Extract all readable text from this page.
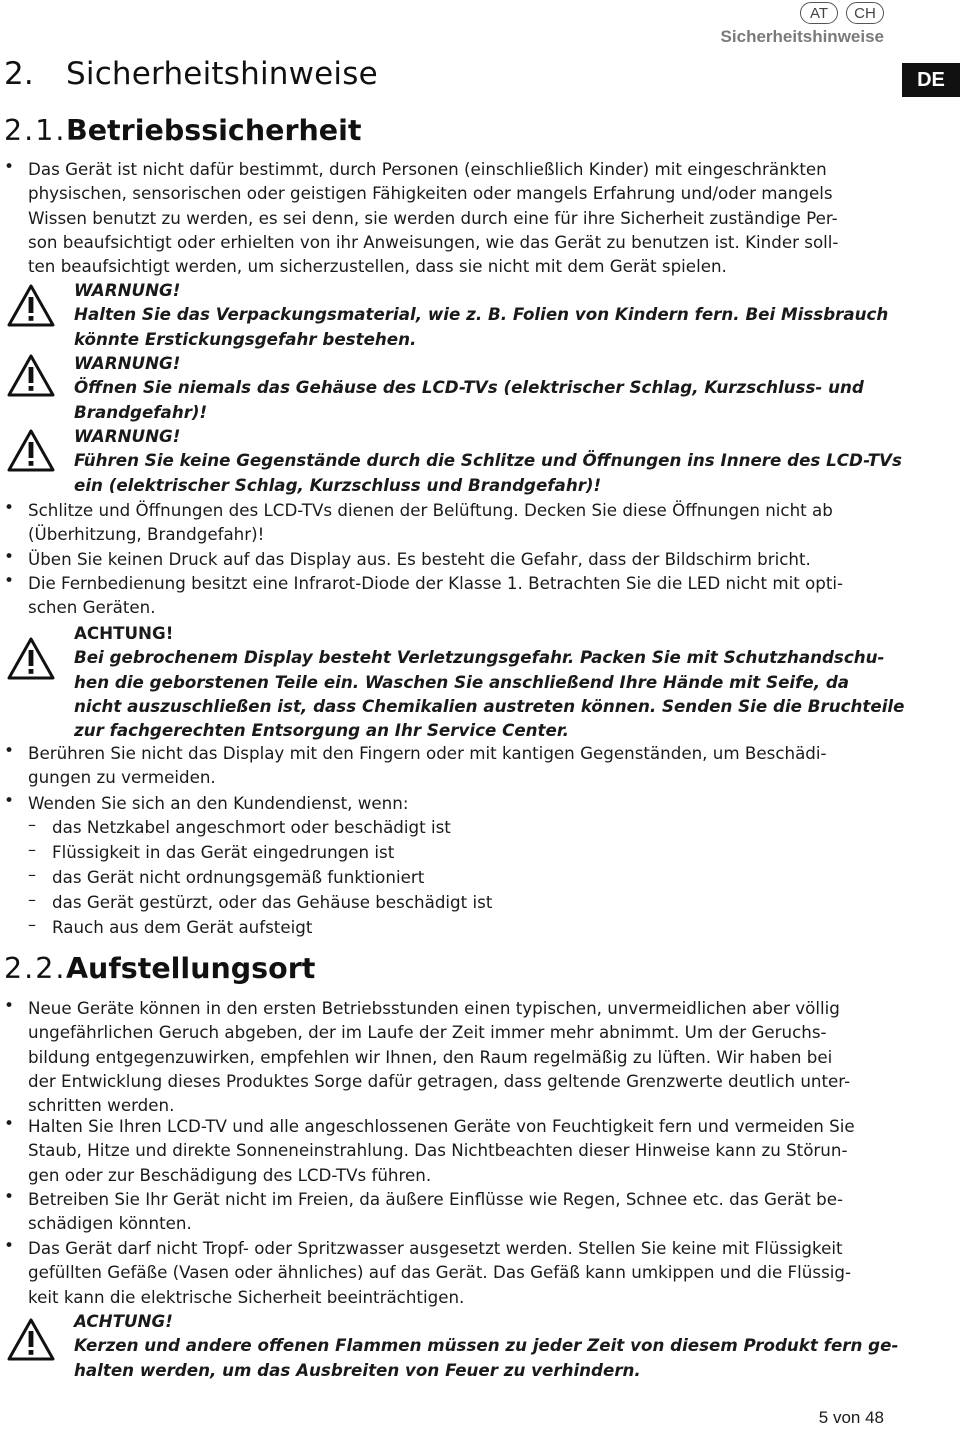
AT	CH
Sicherheitshinweise
DE
2. Sicherheitshinweise
2.1.Betriebssicherheit
• Das Gerät ist nicht dafür bestimmt, durch Personen (einschließlich Kinder) mit eingeschränkten
physischen, sensorischen oder geistigen Fähigkeiten oder mangels Erfahrung und/oder mangels
Wissen benutzt zu werden, es sei denn, sie werden durch eine für ihre Sicherheit zuständige Per-
son beaufsichtigt oder erhielten von ihr Anweisungen, wie das Gerät zu benutzen ist. Kinder soll-
ten beaufsichtigt werden, um sicherzustellen, dass sie nicht mit dem Gerät spielen.
WARNUNG!
Halten Sie das Verpackungsmaterial, wie z. B. Folien von Kindern fern. Bei Missbrauch
könnte Erstickungsgefahr bestehen.
WARNUNG!
Öffnen Sie niemals das Gehäuse des LCD-TVs (elektrischer Schlag, Kurzschluss- und
Brandgefahr)!
WARNUNG!
Führen Sie keine Gegenstände durch die Schlitze und Öffnungen ins Innere des LCD-TVs
ein (elektrischer Schlag, Kurzschluss und Brandgefahr)!
• Schlitze und Öffnungen des LCD-TVs dienen der Belüftung. Decken Sie diese Öffnungen nicht ab
(Überhitzung, Brandgefahr)!
• Üben Sie keinen Druck auf das Display aus. Es besteht die Gefahr, dass der Bildschirm bricht.
• Die Fernbedienung besitzt eine Infrarot-Diode der Klasse 1. Betrachten Sie die LED nicht mit opti-
schen Geräten.
ACHTUNG!
Bei gebrochenem Display besteht Verletzungsgefahr. Packen Sie mit Schutzhandschu-
hen die geborstenen Teile ein. Waschen Sie anschließend Ihre Hände mit Seife, da
nicht auszuschließen ist, dass Chemikalien austreten können. Senden Sie die Bruchteile
zur fachgerechten Entsorgung an Ihr Service Center.
• Berühren Sie nicht das Display mit den Fingern oder mit kantigen Gegenständen, um Beschädi-
gungen zu vermeiden.
• Wenden Sie sich an den Kundendienst, wenn:
– das Netzkabel angeschmort oder beschädigt ist
– Flüssigkeit in das Gerät eingedrungen ist
– das Gerät nicht ordnungsgemäß funktioniert
– das Gerät gestürzt, oder das Gehäuse beschädigt ist
– Rauch aus dem Gerät aufsteigt
2.2.Aufstellungsort
• Neue Geräte können in den ersten Betriebsstunden einen typischen, unvermeidlichen aber völlig
ungefährlichen Geruch abgeben, der im Laufe der Zeit immer mehr abnimmt. Um der Geruchs-
bildung entgegenzuwirken, empfehlen wir Ihnen, den Raum regelmäßig zu lüften. Wir haben bei
der Entwicklung dieses Produktes Sorge dafür getragen, dass geltende Grenzwerte deutlich unter-
schritten werden.
• Halten Sie Ihren LCD-TV und alle angeschlossenen Geräte von Feuchtigkeit fern und vermeiden Sie
Staub, Hitze und direkte Sonneneinstrahlung. Das Nichtbeachten dieser Hinweise kann zu Störun-
gen oder zur Beschädigung des LCD-TVs führen.
• Betreiben Sie Ihr Gerät nicht im Freien, da äußere Einflüsse wie Regen, Schnee etc. das Gerät be-
schädigen könnten.
• Das Gerät darf nicht Tropf- oder Spritzwasser ausgesetzt werden. Stellen Sie keine mit Flüssigkeit
gefüllten Gefäße (Vasen oder ähnliches) auf das Gerät. Das Gefäß kann umkippen und die Flüssig-
keit kann die elektrische Sicherheit beeinträchtigen.
ACHTUNG!
Kerzen und andere offenen Flammen müssen zu jeder Zeit von diesem Produkt fern ge-
halten werden, um das Ausbreiten von Feuer zu verhindern.
5 von 48
